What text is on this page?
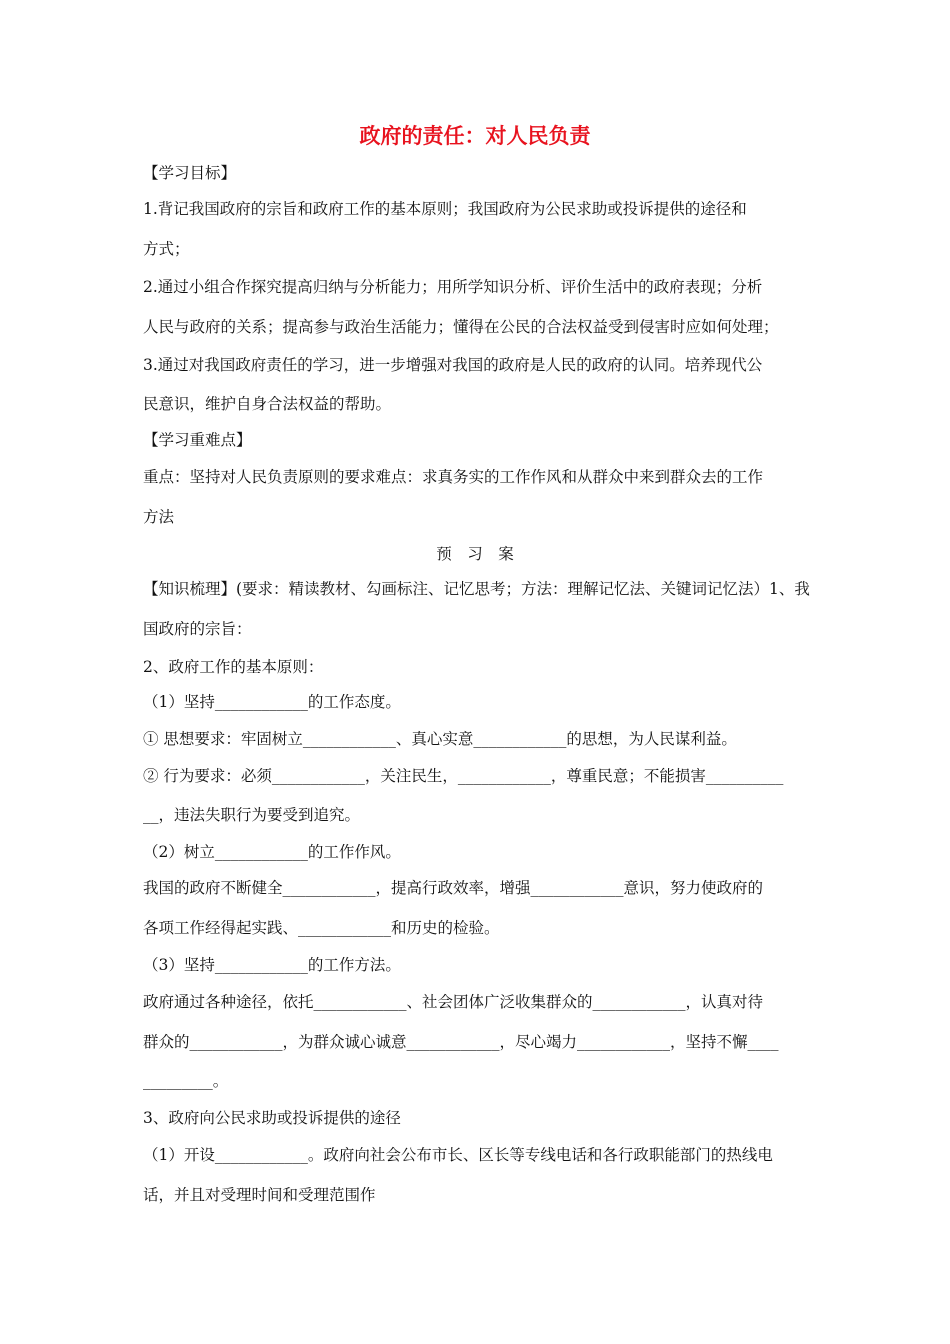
政府的责任：对人民负责
【学习目标】
1.背记我国政府的宗旨和政府工作的基本原则；我国政府为公民求助或投诉提供的途径和
方式；
2.通过小组合作探究提高归纳与分析能力；用所学知识分析、评价生活中的政府表现；分析
人民与政府的关系；提高参与政治生活能力；懂得在公民的合法权益受到侵害时应如何处理；
3.通过对我国政府责任的学习，进一步增强对我国的政府是人民的政府的认同。培养现代公
民意识，维护自身合法权益的帮助。
【学习重难点】
重点：坚持对人民负责原则的要求难点：求真务实的工作作风和从群众中来到群众去的工作
方法
预　习　案
【知识梳理】(要求：精读教材、勾画标注、记忆思考；方法：理解记忆法、关键词记忆法）1、我
国政府的宗旨：
2、政府工作的基本原则：
（1）坚持____________的工作态度。
① 思想要求：牢固树立____________、真心实意____________的思想，为人民谋利益。
② 行为要求：必须____________，关注民生，____________，尊重民意；不能损害__________
__，违法失职行为要受到追究。
（2）树立____________的工作作风。
我国的政府不断健全____________，提高行政效率，增强____________意识，努力使政府的
各项工作经得起实践、____________和历史的检验。
（3）坚持____________的工作方法。
政府通过各种途径，依托____________、社会团体广泛收集群众的____________，认真对待
群众的____________，为群众诚心诚意____________，尽心竭力____________，坚持不懈____
_________。
3、政府向公民求助或投诉提供的途径
（1）开设____________。政府向社会公布市长、区长等专线电话和各行政职能部门的热线电
话，并且对受理时间和受理范围作
